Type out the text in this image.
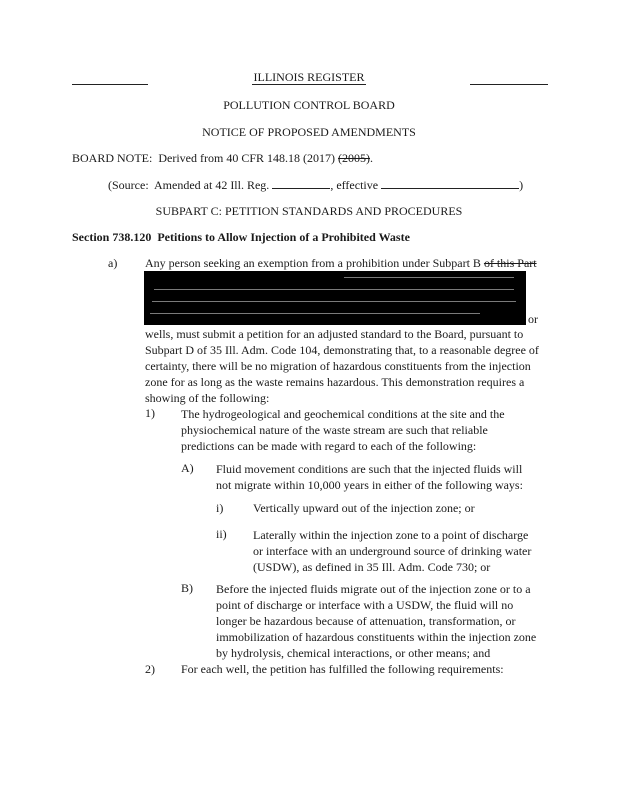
ILLINOIS REGISTER
POLLUTION CONTROL BOARD
NOTICE OF PROPOSED AMENDMENTS
BOARD NOTE: Derived from 40 CFR 148.18 (2017) (2005).
(Source: Amended at 42 Ill. Reg.	, effective	)
SUBPART C: PETITION STANDARDS AND PROCEDURES
Section 738.120 Petitions to Allow Injection of a Prohibited Waste
a) Any person seeking an exemption from a prohibition under Subpart B of this Part
or
wells, must submit a petition for an adjusted standard to the Board, pursuant to
Subpart D of 35 Ill. Adm. Code 104, demonstrating that, to a reasonable degree of
certainty, there will be no migration of hazardous constituents from the injection
zone for as long as the waste remains hazardous. This demonstration requires a
showing of the following:
1) The hydrogeological and geochemical conditions at the site and the
physiochemical nature of the waste stream are such that reliable
predictions can be made with regard to each of the following:
A) Fluid movement conditions are such that the injected fluids will
not migrate within 10,000 years in either of the following ways:
i) Vertically upward out of the injection zone; or
ii) Laterally within the injection zone to a point of discharge
or interface with an underground source of drinking water
(USDW), as defined in 35 Ill. Adm. Code 730; or
B) Before the injected fluids migrate out of the injection zone or to a
point of discharge or interface with a USDW, the fluid will no
longer be hazardous because of attenuation, transformation, or
immobilization of hazardous constituents within the injection zone
by hydrolysis, chemical interactions, or other means; and
2) For each well, the petition has fulfilled the following requirements:
